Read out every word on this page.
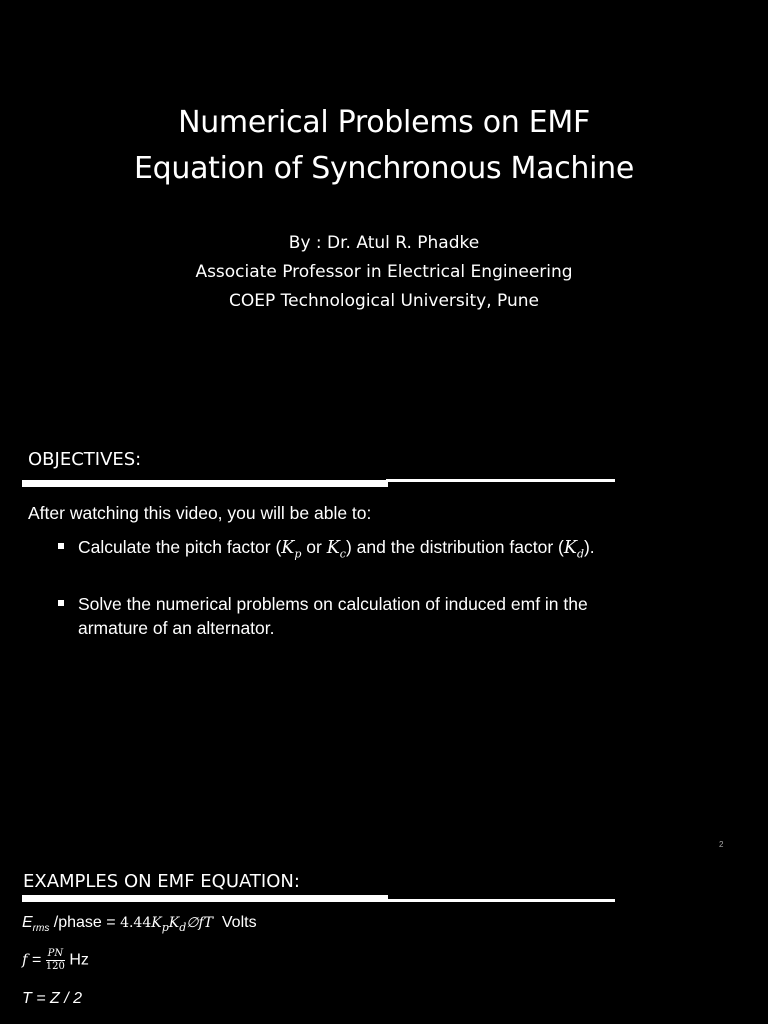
Numerical Problems on EMF
Equation of Synchronous Machine
By : Dr. Atul R. Phadke
Associate Professor in Electrical Engineering
COEP Technological University, Pune
OBJECTIVES:
After watching this video, you will be able to:
Calculate the pitch factor ($K_p$ or $K_c$) and the distribution factor $(K_d)$.
Solve the numerical problems on calculation of induced emf in the armature of an alternator.
2
EXAMPLES ON EMF EQUATION:
$E_{rms}$ /phase = $4.44K_pK_d\emptyset fT$ Volts
$f = \frac{PN}{120}$ Hz
T = Z / 2
